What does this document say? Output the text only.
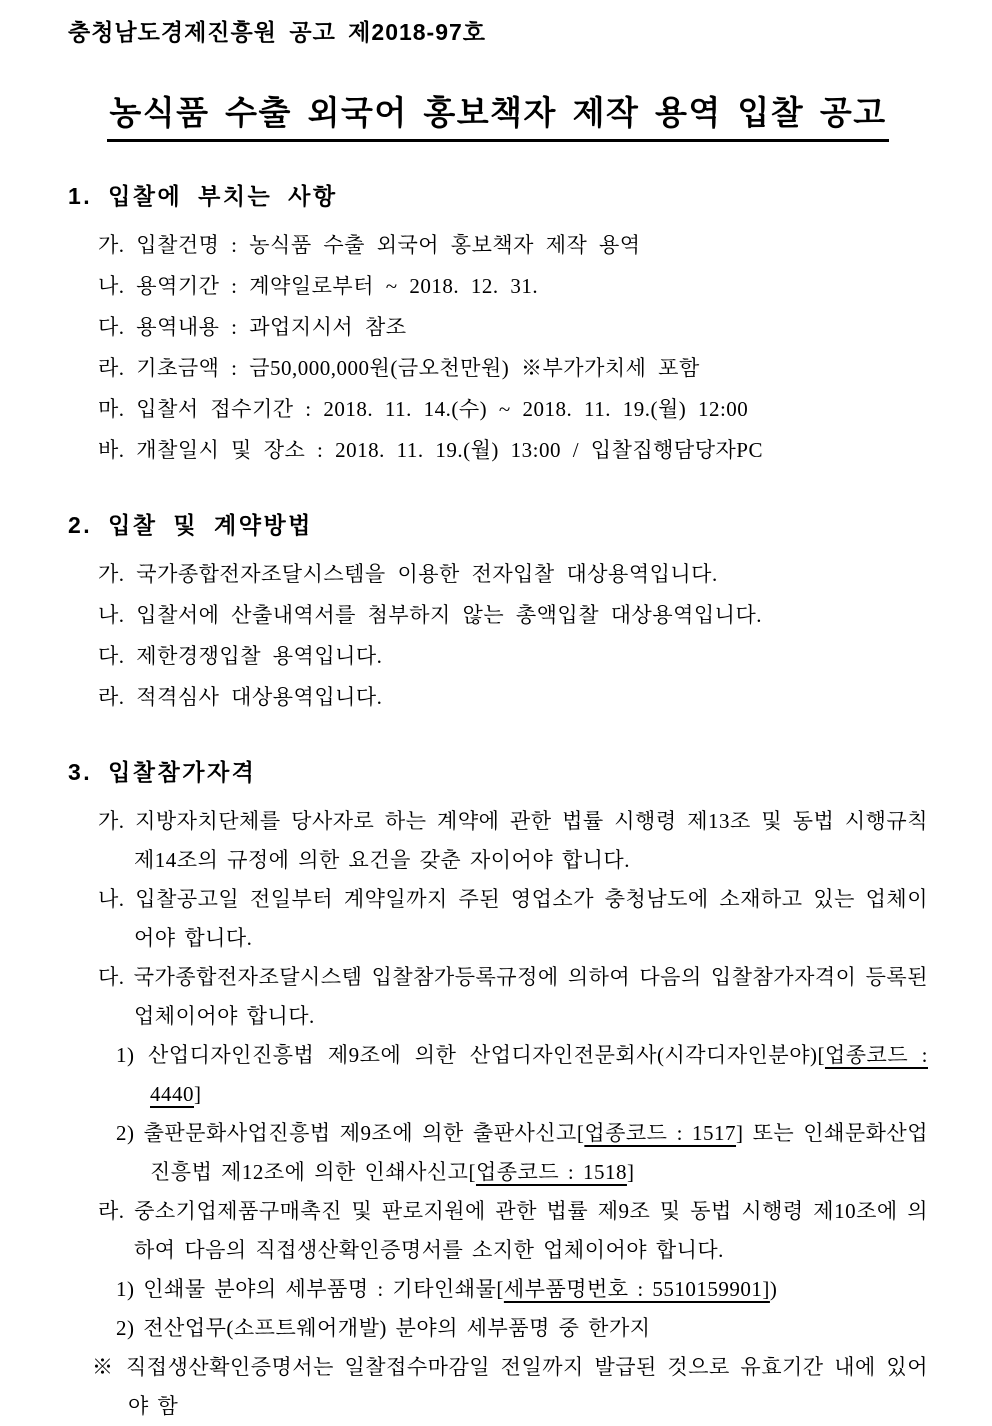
충청남도경제진흥원 공고 제2018-97호
농식품 수출 외국어 홍보책자 제작 용역 입찰 공고
1. 입찰에 부치는 사항

가. 입찰건명 : 농식품 수출 외국어 홍보책자 제작 용역

나. 용역기간 : 계약일로부터 ~ 2018. 12. 31.

다. 용역내용 : 과업지시서 참조

라. 기초금액 : 금50,000,000원(금오천만원) ※부가가치세 포함

마. 입찰서 접수기간 : 2018. 11. 14.(수) ~ 2018. 11. 19.(월) 12:00

바. 개찰일시 및 장소 : 2018. 11. 19.(월) 13:00 / 입찰집행담당자PC

2. 입찰 및 계약방법

가. 국가종합전자조달시스템을 이용한 전자입찰 대상용역입니다.

나. 입찰서에 산출내역서를 첨부하지 않는 총액입찰 대상용역입니다.

다. 제한경쟁입찰 용역입니다.

라. 적격심사 대상용역입니다.

3. 입찰참가자격

가. 지방자치단체를 당사자로 하는 계약에 관한 법률 시행령 제13조 및 동법 시행규칙 제14조의 규정에 의한 요건을 갖춘 자이어야 합니다.

나. 입찰공고일 전일부터 계약일까지 주된 영업소가 충청남도에 소재하고 있는 업체이어야 합니다.

다. 국가종합전자조달시스템 입찰참가등록규정에 의하여 다음의 입찰참가자격이 등록된 업체이어야 합니다.

1) 산업디자인진흥법 제9조에 의한 산업디자인전문회사(시각디자인분야)[업종코드 : 4440]

2) 출판문화사업진흥법 제9조에 의한 출판사신고[업종코드 : 1517] 또는 인쇄문화산업진흥법 제12조에 의한 인쇄사신고[업종코드 : 1518]

라. 중소기업제품구매촉진 및 판로지원에 관한 법률 제9조 및 동법 시행령 제10조에 의하여 다음의 직접생산확인증명서를 소지한 업체이어야 합니다.

1) 인쇄물 분야의 세부품명 : 기타인쇄물[세부품명번호 : 5510159901])

2) 전산업무(소프트웨어개발) 분야의 세부품명 중 한가지

※ 직접생산확인증명서는 일찰접수마감일 전일까지 발급된 것으로 유효기간 내에 있어야 함
